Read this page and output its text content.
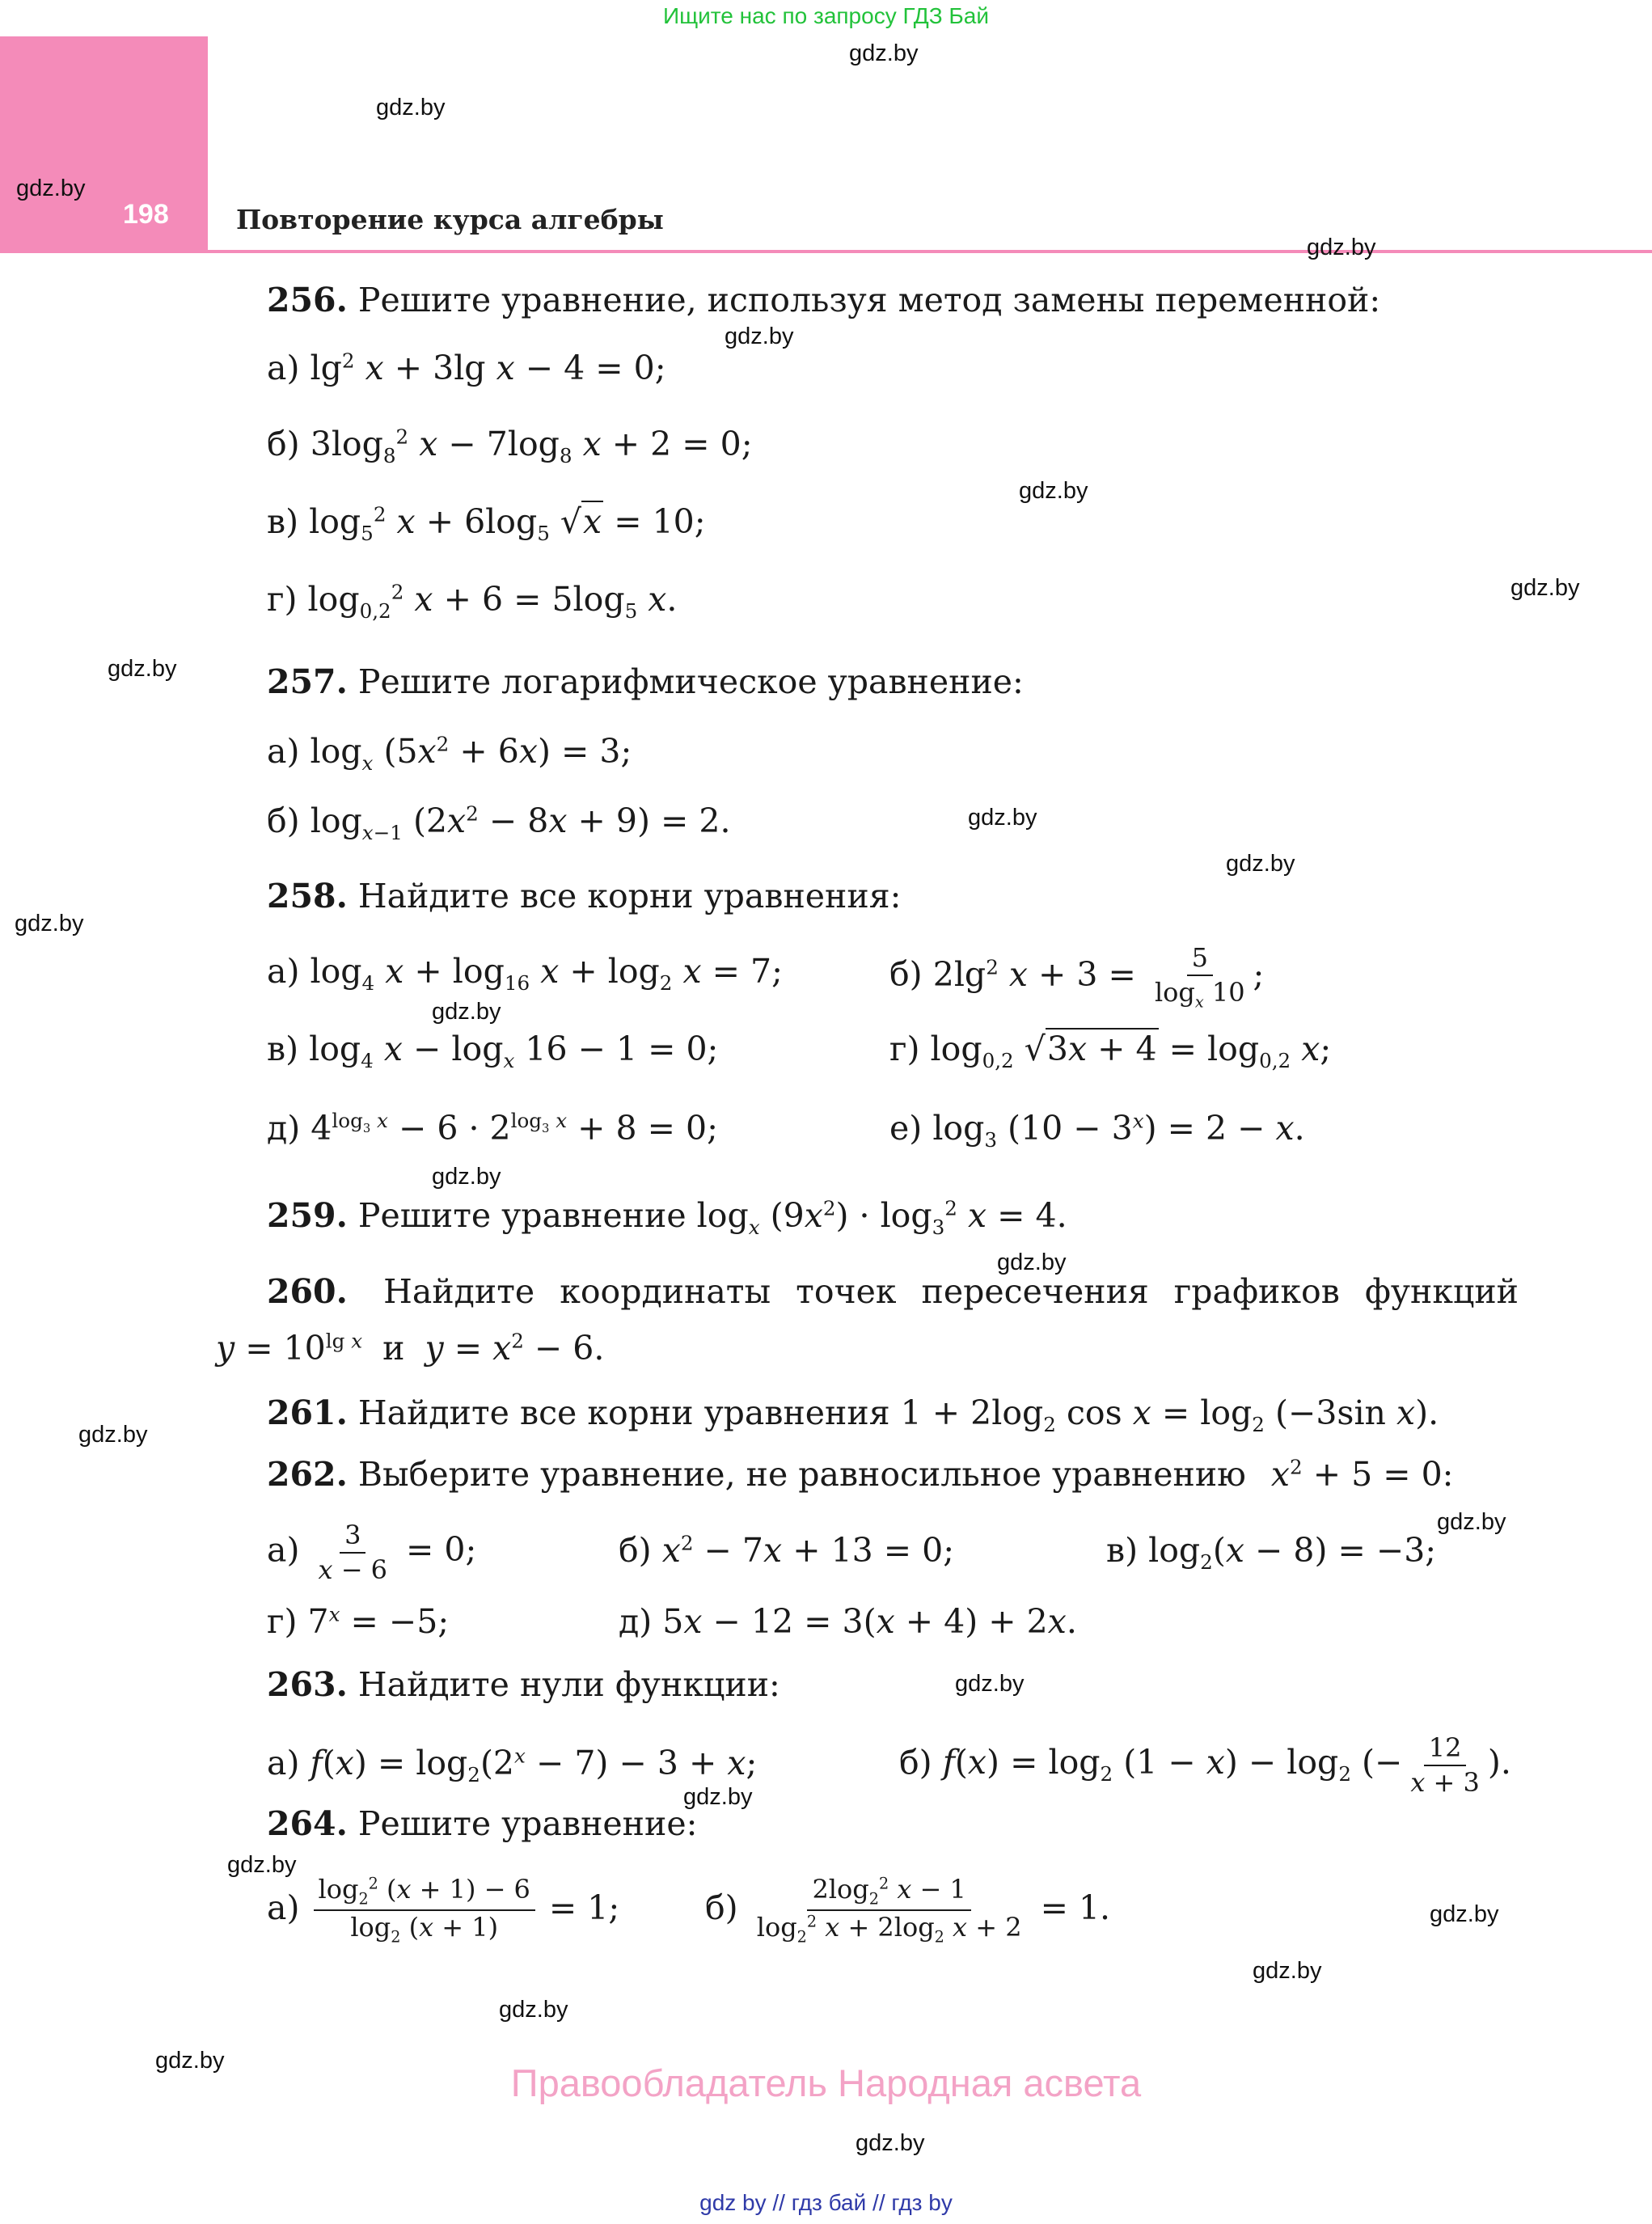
Ищите нас по запросу ГДЗ Бай
198	Повторение курса алгебры
gdz.by
gdz.by
gdz.by
gdz.by
gdz.by
gdz.by
gdz.by
gdz.by
gdz.by
gdz.by
gdz.by
gdz.by
gdz.by
gdz.by
gdz.by
gdz.by
gdz.by
gdz.by
gdz.by
gdz.by
gdz.by
gdz.by
gdz.by
gdz.by
256. Решите уравнение, используя метод замены переменной:
а) $\lg^2 x + 3\lg$ x − 4 = 0;
б) $3\log_8^2$ $x - 7\log_8$ x + 2 = 0;
в) $\log_5^2 x + 6\log_5$ √x = 10;
г) $\log_{0,2}^2 x + 6 = 5\log_5$ x.
257. Решите логарифмическое уравнение:
а) $\log_x (5x^2 + 6x) = 3$;
б) $\log_{x-1} (2x^2 - 8x + 9) = 2$.
258. Найдите все корни уравнения:
а) $\log_4 x + \log_{16} x + \log_2 x = 7$;	б) $2\lg^2$ $x + 3 = \frac{5}{\log_x 10}$ ;
в) $\log_4 x - \log_x 16 - 1 = 0$;	г) $\log_{0,2} √3x + 4 = \log_{0,2} x$;
д) $4^{log_3 x} - 6 \cdot 2^{log_3 x} + 8 = 0$;	е) $\log_3 (10 - 3^x) = 2 - x$.
259. Решите уравнение $\log_x (9x^2) \cdot \log_3^2 x = 4$.
260. Найдите координаты точек пересечения графиков функций
$y = 10^{lg x}$ и $y = x^2 - 6$.
261. Найдите все корни уравнения $1 + 2\log_2$ $\cos x = \log_2 (-3\sin$ x).
262. Выберите уравнение, не равносильное уравнению $x^2 + 5 = 0$:
$а) \frac{3}{x - 6} = 0$;	б) $x^2 - 7x + 13 = 0$;	в) $\log_2(x - 8) = -3$;
г) $7^x = -5$;	д) 5x − 12 = 3(x + 4) + 2x.
263. Найдите нули функции:
а) $f(x) = \log_2(2^x - 7) - 3 + x$;	б) $f(x) = \log_2 (1 - x) - \log_2$ (− $\frac{12}{x + 3}$ ).
264. Решите уравнение:
$а) \frac{\log_2^2 (x + 1) - 6}{\log_2 (x + 1)} = 1$;	$б) \frac{2\log_2^2 x - 1}{\log_2^2 x + 2\log_2 x + 2} = 1$.
Правообладатель Народная асвета
gdz by // гдз бай // гдз by
